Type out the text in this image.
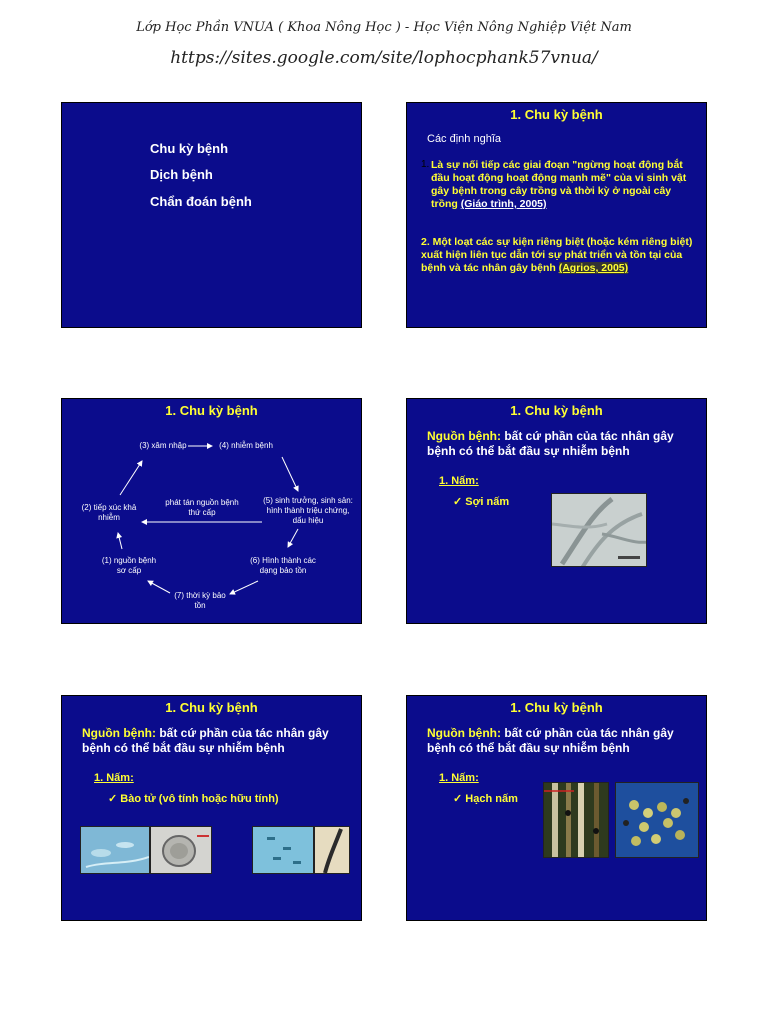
Lớp Học Phần VNUA ( Khoa Nông Học ) - Học Viện Nông Nghiệp Việt Nam
https://sites.google.com/site/lophocphank57vnua/
Chu kỳ bệnh
Dịch bệnh
Chẩn đoán bệnh
1. Chu kỳ bệnh
Các định nghĩa
1. Là sự nối tiếp các giai đoạn "ngừng hoạt động bắt đầu hoạt động hoạt động mạnh mẽ" của vi sinh vật gây bệnh trong cây trồng và thời kỳ ở ngoài cây trồng (Giáo trình, 2005)
2. Một loạt các sự kiện riêng biệt (hoặc kém riêng biệt) xuất hiện liên tục dẫn tới sự phát triển và tồn tại của bệnh và tác nhân gây bệnh (Agrios, 2005)
1. Chu kỳ bệnh
(3) xâm nhập	(4) nhiễm bệnh
(2) tiếp xúc khả nhiễm
phát tán nguồn bệnh thứ cấp
(5) sinh trưởng, sinh sản: hình thành triệu chứng, dấu hiệu
(1) nguồn bệnh sơ cấp
(6) Hình thành các dạng bảo tồn
(7) thời kỳ bảo tồn
1. Chu kỳ bệnh
Nguồn bệnh: bất cứ phần của tác nhân gây bệnh có thể bắt đầu sự nhiễm bệnh
1. Nấm:
✓ Sợi nấm
1. Chu kỳ bệnh
Nguồn bệnh: bất cứ phần của tác nhân gây bệnh có thể bắt đầu sự nhiễm bệnh
1. Nấm:
✓ Bào tử (vô tính hoặc hữu tính)
1. Chu kỳ bệnh
Nguồn bệnh: bất cứ phần của tác nhân gây bệnh có thể bắt đầu sự nhiễm bệnh
1. Nấm:
✓ Hạch nấm
